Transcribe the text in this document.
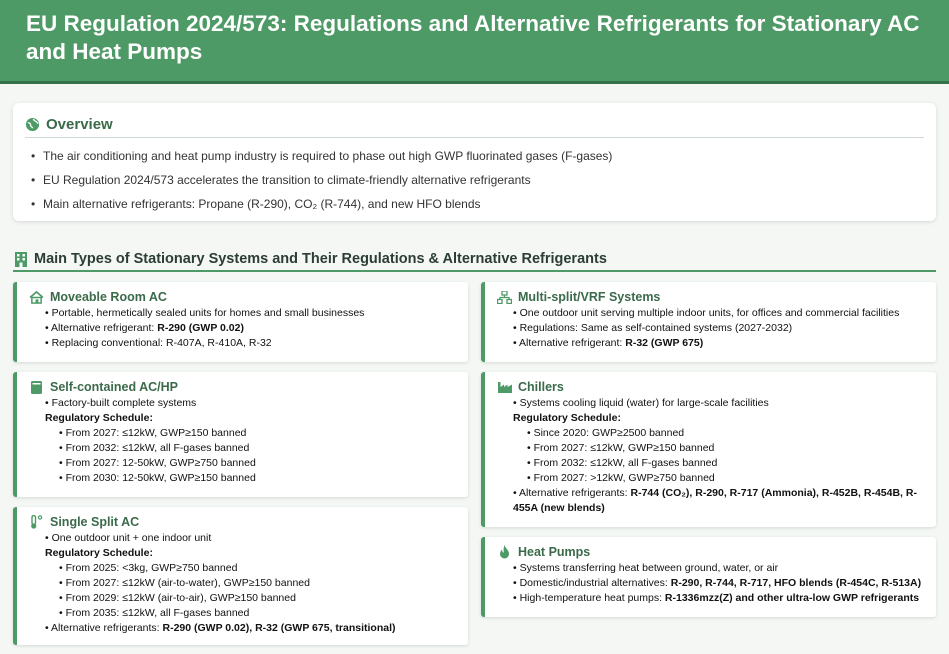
EU Regulation 2024/573: Regulations and Alternative Refrigerants for Stationary AC and Heat Pumps
Overview
• The air conditioning and heat pump industry is required to phase out high GWP fluorinated gases (F-gases)
• EU Regulation 2024/573 accelerates the transition to climate-friendly alternative refrigerants
• Main alternative refrigerants: Propane (R-290), CO₂ (R-744), and new HFO blends
Main Types of Stationary Systems and Their Regulations & Alternative Refrigerants
Moveable Room AC
• Portable, hermetically sealed units for homes and small businesses
• Alternative refrigerant: R-290 (GWP 0.02)
• Replacing conventional: R-407A, R-410A, R-32
Self-contained AC/HP
• Factory-built complete systems
Regulatory Schedule:
• From 2027: ≤12kW, GWP≥150 banned
• From 2032: ≤12kW, all F-gases banned
• From 2027: 12-50kW, GWP≥750 banned
• From 2030: 12-50kW, GWP≥150 banned
Single Split AC
• One outdoor unit + one indoor unit
Regulatory Schedule:
• From 2025: <3kg, GWP≥750 banned
• From 2027: ≤12kW (air-to-water), GWP≥150 banned
• From 2029: ≤12kW (air-to-air), GWP≥150 banned
• From 2035: ≤12kW, all F-gases banned
• Alternative refrigerants: R-290 (GWP 0.02), R-32 (GWP 675, transitional)
Multi-split/VRF Systems
• One outdoor unit serving multiple indoor units, for offices and commercial facilities
• Regulations: Same as self-contained systems (2027-2032)
• Alternative refrigerant: R-32 (GWP 675)
Chillers
• Systems cooling liquid (water) for large-scale facilities
Regulatory Schedule:
• Since 2020: GWP≥2500 banned
• From 2027: ≤12kW, GWP≥150 banned
• From 2032: ≤12kW, all F-gases banned
• From 2027: >12kW, GWP≥750 banned
• Alternative refrigerants: R-744 (CO₂), R-290, R-717 (Ammonia), R-452B, R-454B, R-
455A (new blends)
Heat Pumps
• Systems transferring heat between ground, water, or air
• Domestic/industrial alternatives: R-290, R-744, R-717, HFO blends (R-454C, R-513A)
• High-temperature heat pumps: R-1336mzz(Z) and other ultra-low GWP refrigerants
